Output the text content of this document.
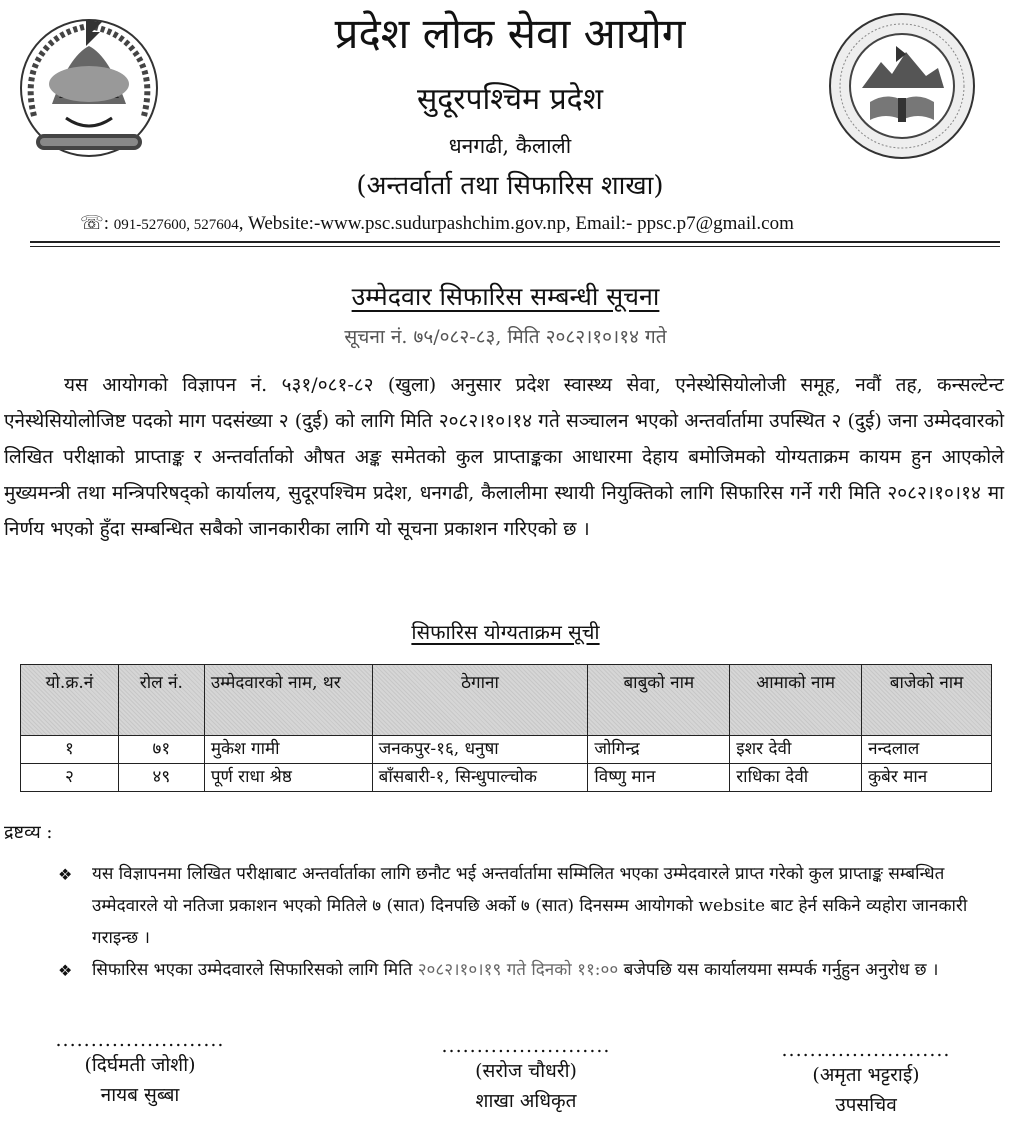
प्रदेश लोक सेवा आयोग
सुदूरपश्चिम प्रदेश
धनगढी, कैलाली
(अन्तर्वार्ता तथा सिफारिस शाखा)
☏: 091-527600, 527604, Website:-www.psc.sudurpashchim.gov.np, Email:- ppsc.p7@gmail.com
उम्मेदवार सिफारिस सम्बन्धी सूचना
सूचना नं. ७५/०८२-८३, मिति २०८२।१०।१४ गते
यस आयोगको विज्ञापन नं. ५३१/०८१-८२ (खुला) अनुसार प्रदेश स्वास्थ्य सेवा, एनेस्थेसियोलोजी समूह, नवौं तह, कन्सल्टेन्ट एनेस्थेसियोलोजिष्ट पदको माग पदसंख्या २ (दुई) को लागि मिति २०८२।१०।१४ गते सञ्चालन भएको अन्तर्वार्तामा उपस्थित २ (दुई) जना उम्मेदवारको लिखित परीक्षाको प्राप्ताङ्क र अन्तर्वार्ताको औषत अङ्क समेतको कुल प्राप्ताङ्कका आधारमा देहाय बमोजिमको योग्यताक्रम कायम हुन आएकोले मुख्यमन्त्री तथा मन्त्रिपरिषद्को कार्यालय, सुदूरपश्चिम प्रदेश, धनगढी, कैलालीमा स्थायी नियुक्तिको लागि सिफारिस गर्ने गरी मिति २०८२।१०।१४ मा निर्णय भएको हुँदा सम्बन्धित सबैको जानकारीका लागि यो सूचना प्रकाशन गरिएको छ ।
सिफारिस योग्यताक्रम सूची
यो.क्र.नं	रोल नं.	उम्मेदवारको नाम, थर	ठेगाना	बाबुको नाम	आमाको नाम	बाजेको नाम
१	७१	मुकेश गामी	जनकपुर-१६, धनुषा	जोगिन्द्र	इशर देवी	नन्दलाल
२	४९	पूर्ण राधा श्रेष्ठ	बाँसबारी-१, सिन्धुपाल्चोक	विष्णु मान	राधिका देवी	कुबेर मान
द्रष्टव्य :
❖ यस विज्ञापनमा लिखित परीक्षाबाट अन्तर्वार्ताका लागि छनौट भई अन्तर्वार्तामा सम्मिलित भएका उम्मेदवारले प्राप्त गरेको कुल प्राप्ताङ्क सम्बन्धित उम्मेदवारले यो नतिजा प्रकाशन भएको मितिले ७ (सात) दिनपछि अर्को ७ (सात) दिनसम्म आयोगको website बाट हेर्न सकिने व्यहोरा जानकारी गराइन्छ ।
❖ सिफारिस भएका उम्मेदवारले सिफारिसको लागि मिति २०८२।१०।१९ गते दिनको ११:०० बजेपछि यस कार्यालयमा सम्पर्क गर्नुहुन अनुरोध छ ।
........................
(दिर्घमती जोशी)
नायब सुब्बा
........................
(सरोज चौधरी)
शाखा अधिकृत
........................
(अमृता भट्टराई)
उपसचिव
